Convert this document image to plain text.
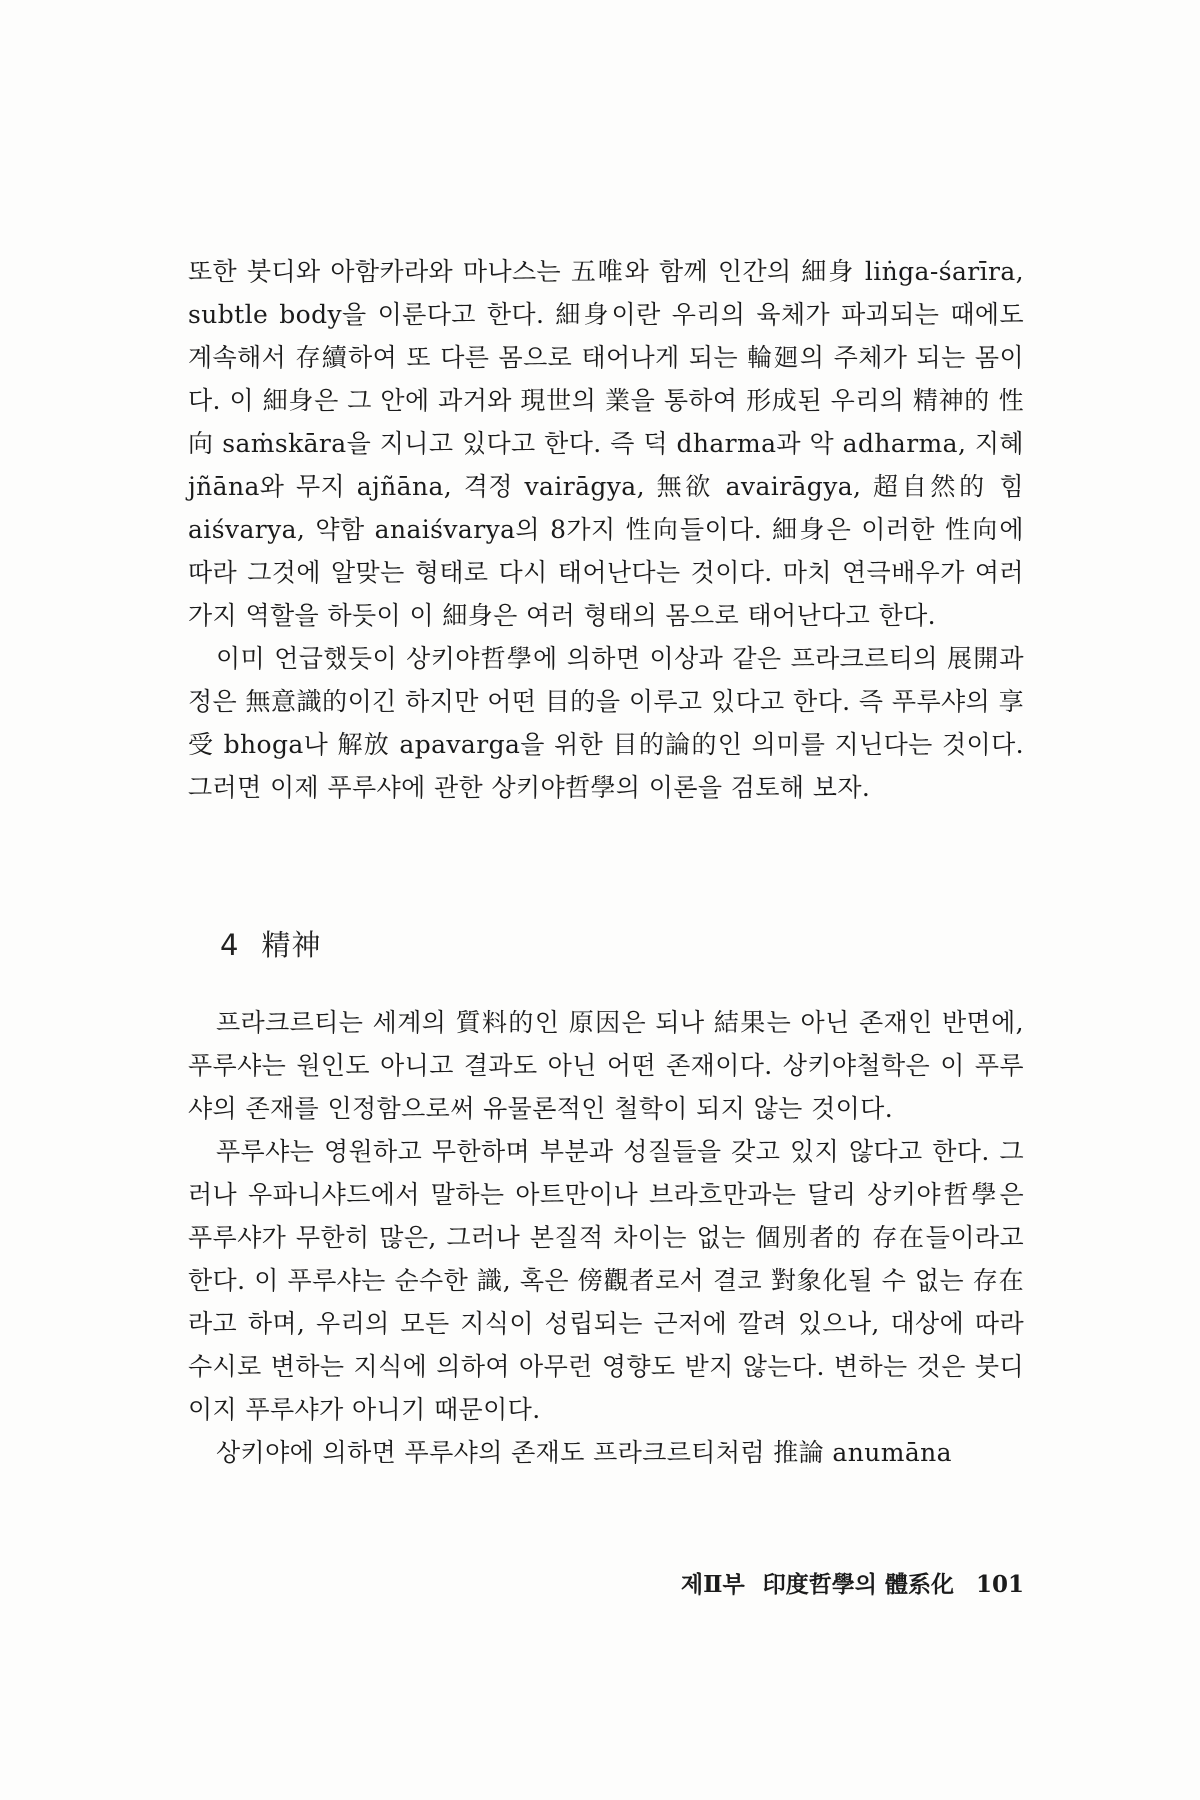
또한 붓디와 아함카라와 마나스는 五唯와 함께 인간의 細身 liṅga-śarīra, subtle body을 이룬다고 한다. 細身이란 우리의 육체가 파괴되는 때에도 계속해서 存續하여 또 다른 몸으로 태어나게 되는 輪廻의 주체가 되는 몸이다. 이 細身은 그 안에 과거와 現世의 業을 통하여 形成된 우리의 精神的 性向 saṁskāra을 지니고 있다고 한다. 즉 덕 dharma과 악 adharma, 지혜 jñāna와 무지 ajñāna, 격정 vairāgya, 無欲 avairāgya, 超自然的 힘 aiśvarya, 약함 anaiśvarya의 8가지 性向들이다. 細身은 이러한 性向에 따라 그것에 알맞는 형태로 다시 태어난다는 것이다. 마치 연극배우가 여러가지 역할을 하듯이 이 細身은 여러 형태의 몸으로 태어난다고 한다.

이미 언급했듯이 상키야哲學에 의하면 이상과 같은 프라크르티의 展開과정은 無意識的이긴 하지만 어떤 目的을 이루고 있다고 한다. 즉 푸루샤의 享受 bhoga나 解放 apavarga을 위한 目的論的인 의미를 지닌다는 것이다. 그러면 이제 푸루샤에 관한 상키야哲學의 이론을 검토해 보자.

4 精神

프라크르티는 세계의 質料的인 原因은 되나 結果는 아닌 존재인 반면에, 푸루샤는 원인도 아니고 결과도 아닌 어떤 존재이다. 상키야철학은 이 푸루샤의 존재를 인정함으로써 유물론적인 철학이 되지 않는 것이다.

푸루샤는 영원하고 무한하며 부분과 성질들을 갖고 있지 않다고 한다. 그러나 우파니샤드에서 말하는 아트만이나 브라흐만과는 달리 상키야哲學은 푸루샤가 무한히 많은, 그러나 본질적 차이는 없는 個別者的 存在들이라고 한다. 이 푸루샤는 순수한 識, 혹은 傍觀者로서 결코 對象化될 수 없는 存在라고 하며, 우리의 모든 지식이 성립되는 근저에 깔려 있으나, 대상에 따라 수시로 변하는 지식에 의하여 아무런 영향도 받지 않는다. 변하는 것은 붓디이지 푸루샤가 아니기 때문이다.

상키야에 의하면 푸루샤의 존재도 프라크르티처럼 推論 anumāna

제Ⅱ부 印度哲學의 體系化 101
